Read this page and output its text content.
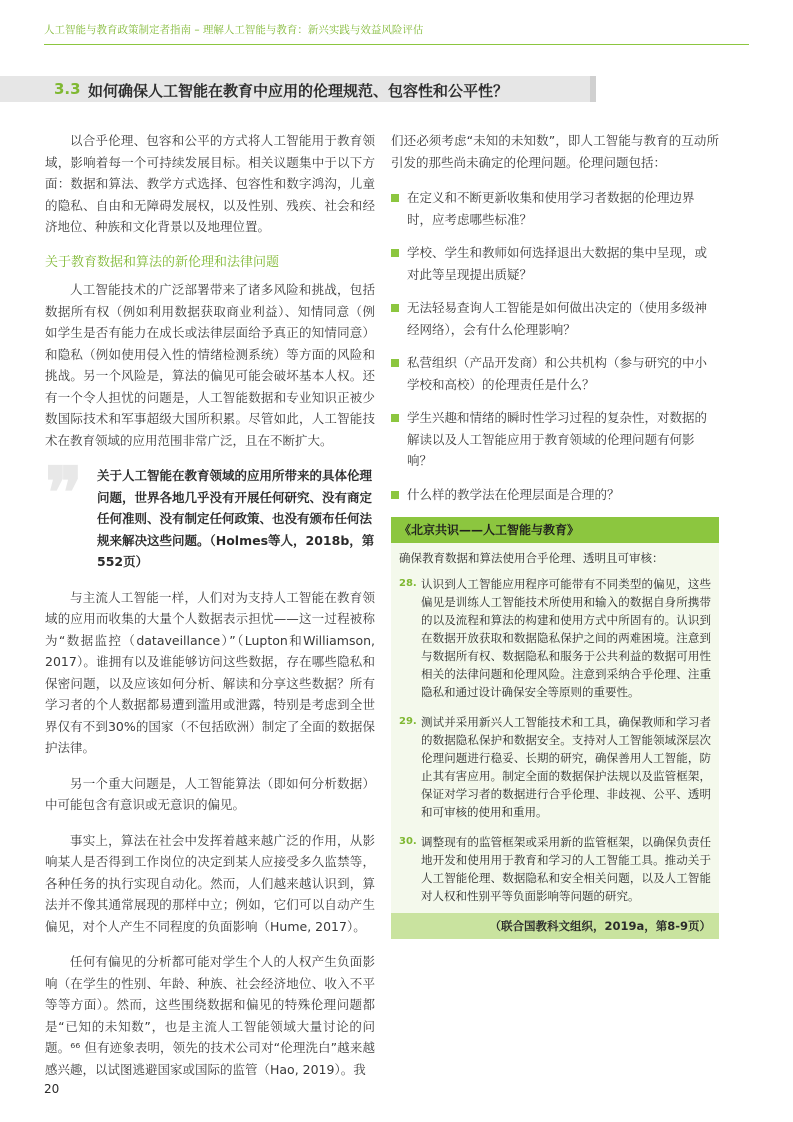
人工智能与教育政策制定者指南 – 理解人工智能与教育：新兴实践与效益风险评估
3.3 如何确保人工智能在教育中应用的伦理规范、包容性和公平性？

以合乎伦理、包容和公平的方式将人工智能用于教育领域，影响着每一个可持续发展目标。相关议题集中于以下方面：数据和算法、教学方式选择、包容性和数字鸿沟，儿童的隐私、自由和无障碍发展权，以及性别、残疾、社会和经济地位、种族和文化背景以及地理位置。

关于教育数据和算法的新伦理和法律问题

人工智能技术的广泛部署带来了诸多风险和挑战，包括数据所有权（例如利用数据获取商业利益）、知情同意（例如学生是否有能力在成长或法律层面给予真正的知情同意）和隐私（例如使用侵入性的情绪检测系统）等方面的风险和挑战。另一个风险是，算法的偏见可能会破坏基本人权。还有一个令人担忧的问题是，人工智能数据和专业知识正被少数国际技术和军事超级大国所积累。尽管如此，人工智能技术在教育领域的应用范围非常广泛，且在不断扩大。

❞ 关于人工智能在教育领域的应用所带来的具体伦理问题，世界各地几乎没有开展任何研究、没有商定任何准则、没有制定任何政策、也没有颁布任何法规来解决这些问题。（Holmes等人，2018b，第552页）

与主流人工智能一样，人们对为支持人工智能在教育领域的应用而收集的大量个人数据表示担忧——这一过程被称为“数据监控（dataveillance）”（Lupton和Williamson, 2017）。谁拥有以及谁能够访问这些数据，存在哪些隐私和保密问题，以及应该如何分析、解读和分享这些数据？所有学习者的个人数据都易遭到滥用或泄露，特别是考虑到全世界仅有不到30%的国家（不包括欧洲）制定了全面的数据保护法律。

另一个重大问题是，人工智能算法（即如何分析数据）中可能包含有意识或无意识的偏见。

事实上，算法在社会中发挥着越来越广泛的作用，从影响某人是否得到工作岗位的决定到某人应接受多久监禁等，各种任务的执行实现自动化。然而，人们越来越认识到，算法并不像其通常展现的那样中立；例如，它们可以自动产生偏见，对个人产生不同程度的负面影响（Hume, 2017）。

任何有偏见的分析都可能对学生个人的人权产生负面影响（在学生的性别、年龄、种族、社会经济地位、收入不平等等方面）。然而，这些围绕数据和偏见的特殊伦理问题都是“已知的未知数”，也是主流人工智能领域大量讨论的问题。⁶⁶ 但有迹象表明，领先的技术公司对“伦理洗白”越来越感兴趣，以试图逃避国家或国际的监管（Hao, 2019）。我

们还必须考虑“未知的未知数”，即人工智能与教育的互动所引发的那些尚未确定的伦理问题。伦理问题包括：

在定义和不断更新收集和使用学习者数据的伦理边界时，应考虑哪些标准？
学校、学生和教师如何选择退出大数据的集中呈现，或对此等呈现提出质疑？
无法轻易查询人工智能是如何做出决定的（使用多级神经网络），会有什么伦理影响？
私营组织（产品开发商）和公共机构（参与研究的中小学校和高校）的伦理责任是什么？
学生兴趣和情绪的瞬时性学习过程的复杂性，对数据的解读以及人工智能应用于教育领域的伦理问题有何影响？
什么样的教学法在伦理层面是合理的？
《北京共识——人工智能与教育》
确保教育数据和算法使用合乎伦理、透明且可审核：
28. 认识到人工智能应用程序可能带有不同类型的偏见，这些偏见是训练人工智能技术所使用和输入的数据自身所携带的以及流程和算法的构建和使用方式中所固有的。认识到在数据开放获取和数据隐私保护之间的两难困境。注意到与数据所有权、数据隐私和服务于公共利益的数据可用性相关的法律问题和伦理风险。注意到采纳合乎伦理、注重隐私和通过设计确保安全等原则的重要性。
29. 测试并采用新兴人工智能技术和工具，确保教师和学习者的数据隐私保护和数据安全。支持对人工智能领域深层次伦理问题进行稳妥、长期的研究，确保善用人工智能，防止其有害应用。制定全面的数据保护法规以及监管框架，保证对学习者的数据进行合乎伦理、非歧视、公平、透明和可审核的使用和重用。
30. 调整现有的监管框架或采用新的监管框架，以确保负责任地开发和使用用于教育和学习的人工智能工具。推动关于人工智能伦理、数据隐私和安全相关问题，以及人工智能对人权和性别平等负面影响等问题的研究。
（联合国教科文组织，2019a，第8-9页）
20
